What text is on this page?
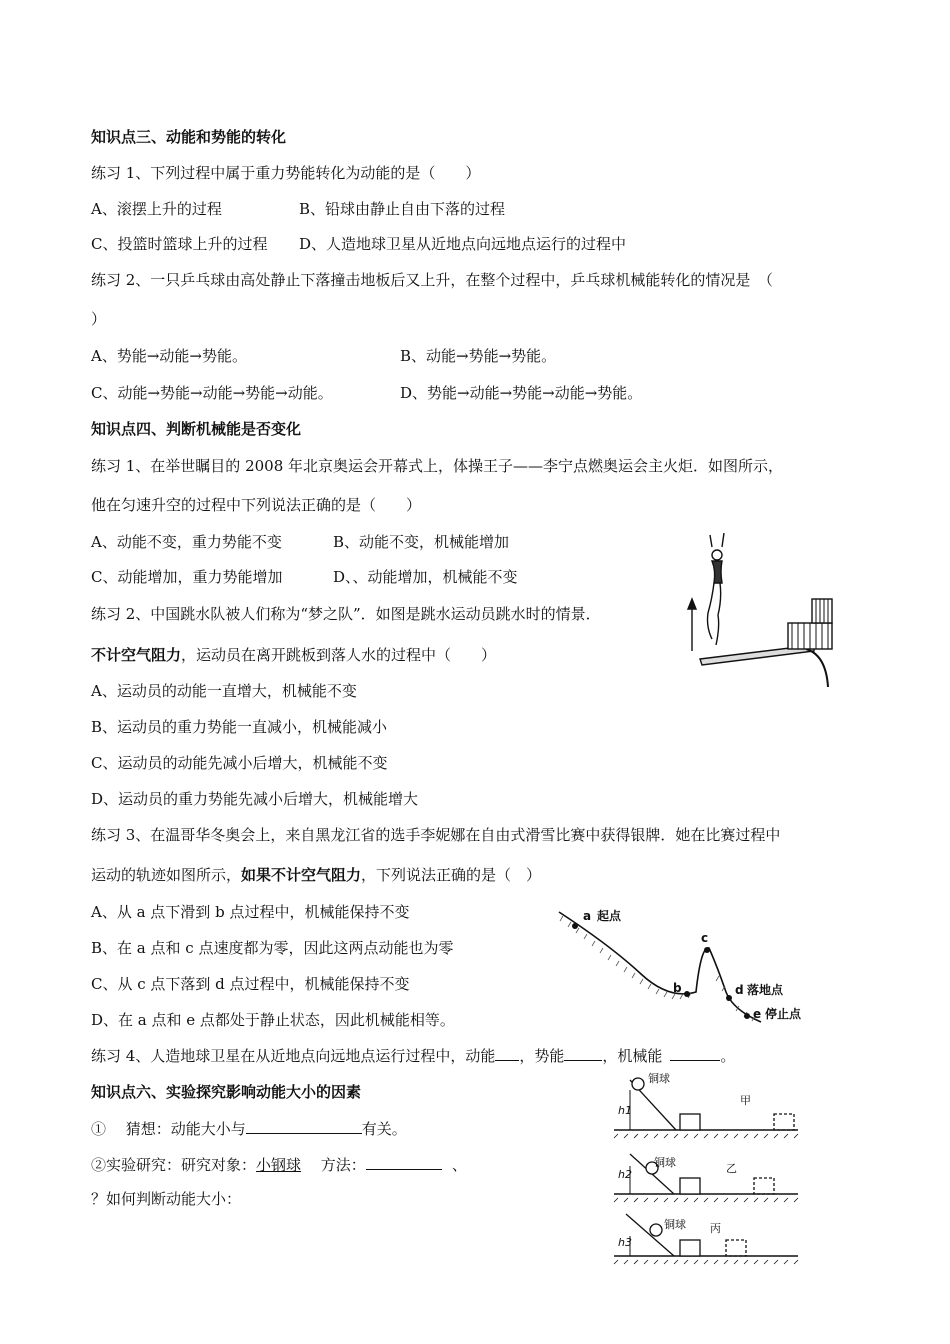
知识点三、动能和势能的转化
练习 1、下列过程中属于重力势能转化为动能的是（　　）
A、滚摆上升的过程	B、铅球由静止自由下落的过程
C、投篮时篮球上升的过程 D、人造地球卫星从近地点向远地点运行的过程中
练习 2、一只乒乓球由高处静止下落撞击地板后又上升，在整个过程中，乒乓球机械能转化的情况是　（
）
A、势能→动能→势能。	B、动能→势能→势能。
C、动能→势能→动能→势能→动能。	D、势能→动能→势能→动能→势能。
知识点四、判断机械能是否变化
练习 1、在举世瞩目的 2008 年北京奥运会开幕式上，体操王子——李宁点燃奥运会主火炬．如图所示，
他在匀速升空的过程中下列说法正确的是（　　）
A、动能不变，重力势能不变	B、动能不变，机械能增加
C、动能增加，重力势能增加	D、、动能增加，机械能不变
练习 2、中国跳水队被人们称为“梦之队”．如图是跳水运动员跳水时的情景．
不计空气阻力，运动员在离开跳板到落人水的过程中（　　）
A、运动员的动能一直增大，机械能不变
B、运动员的重力势能一直减小，机械能减小
C、运动员的动能先减小后增大，机械能不变
D、运动员的重力势能先减小后增大，机械能增大
练习 3、在温哥华冬奥会上，来自黑龙江省的选手李妮娜在自由式滑雪比赛中获得银牌．她在比赛过程中
运动的轨迹如图所示，如果不计空气阻力，下列说法正确的是（　）
A、从 a 点下滑到 b 点过程中，机械能保持不变
B、在 a 点和 c 点速度都为零，因此这两点动能也为零
C、从 c 点下落到 d 点过程中，机械能保持不变
D、在 a 点和 e 点都处于静止状态，因此机械能相等。
练习 4、人造地球卫星在从近地点向远地点运行过程中，动能 ，势能	，机械能	。
知识点六、实验探究影响动能大小的因素
①　 猜想：动能大小与	有关。
②实验研究：研究对象：小钢球　 方法：	、
？如何判断动能大小：
a 起点
b
c
d 落地点
e 停止点
铜球
甲
h1
铜球	乙
h2
铜球 丙
h3
